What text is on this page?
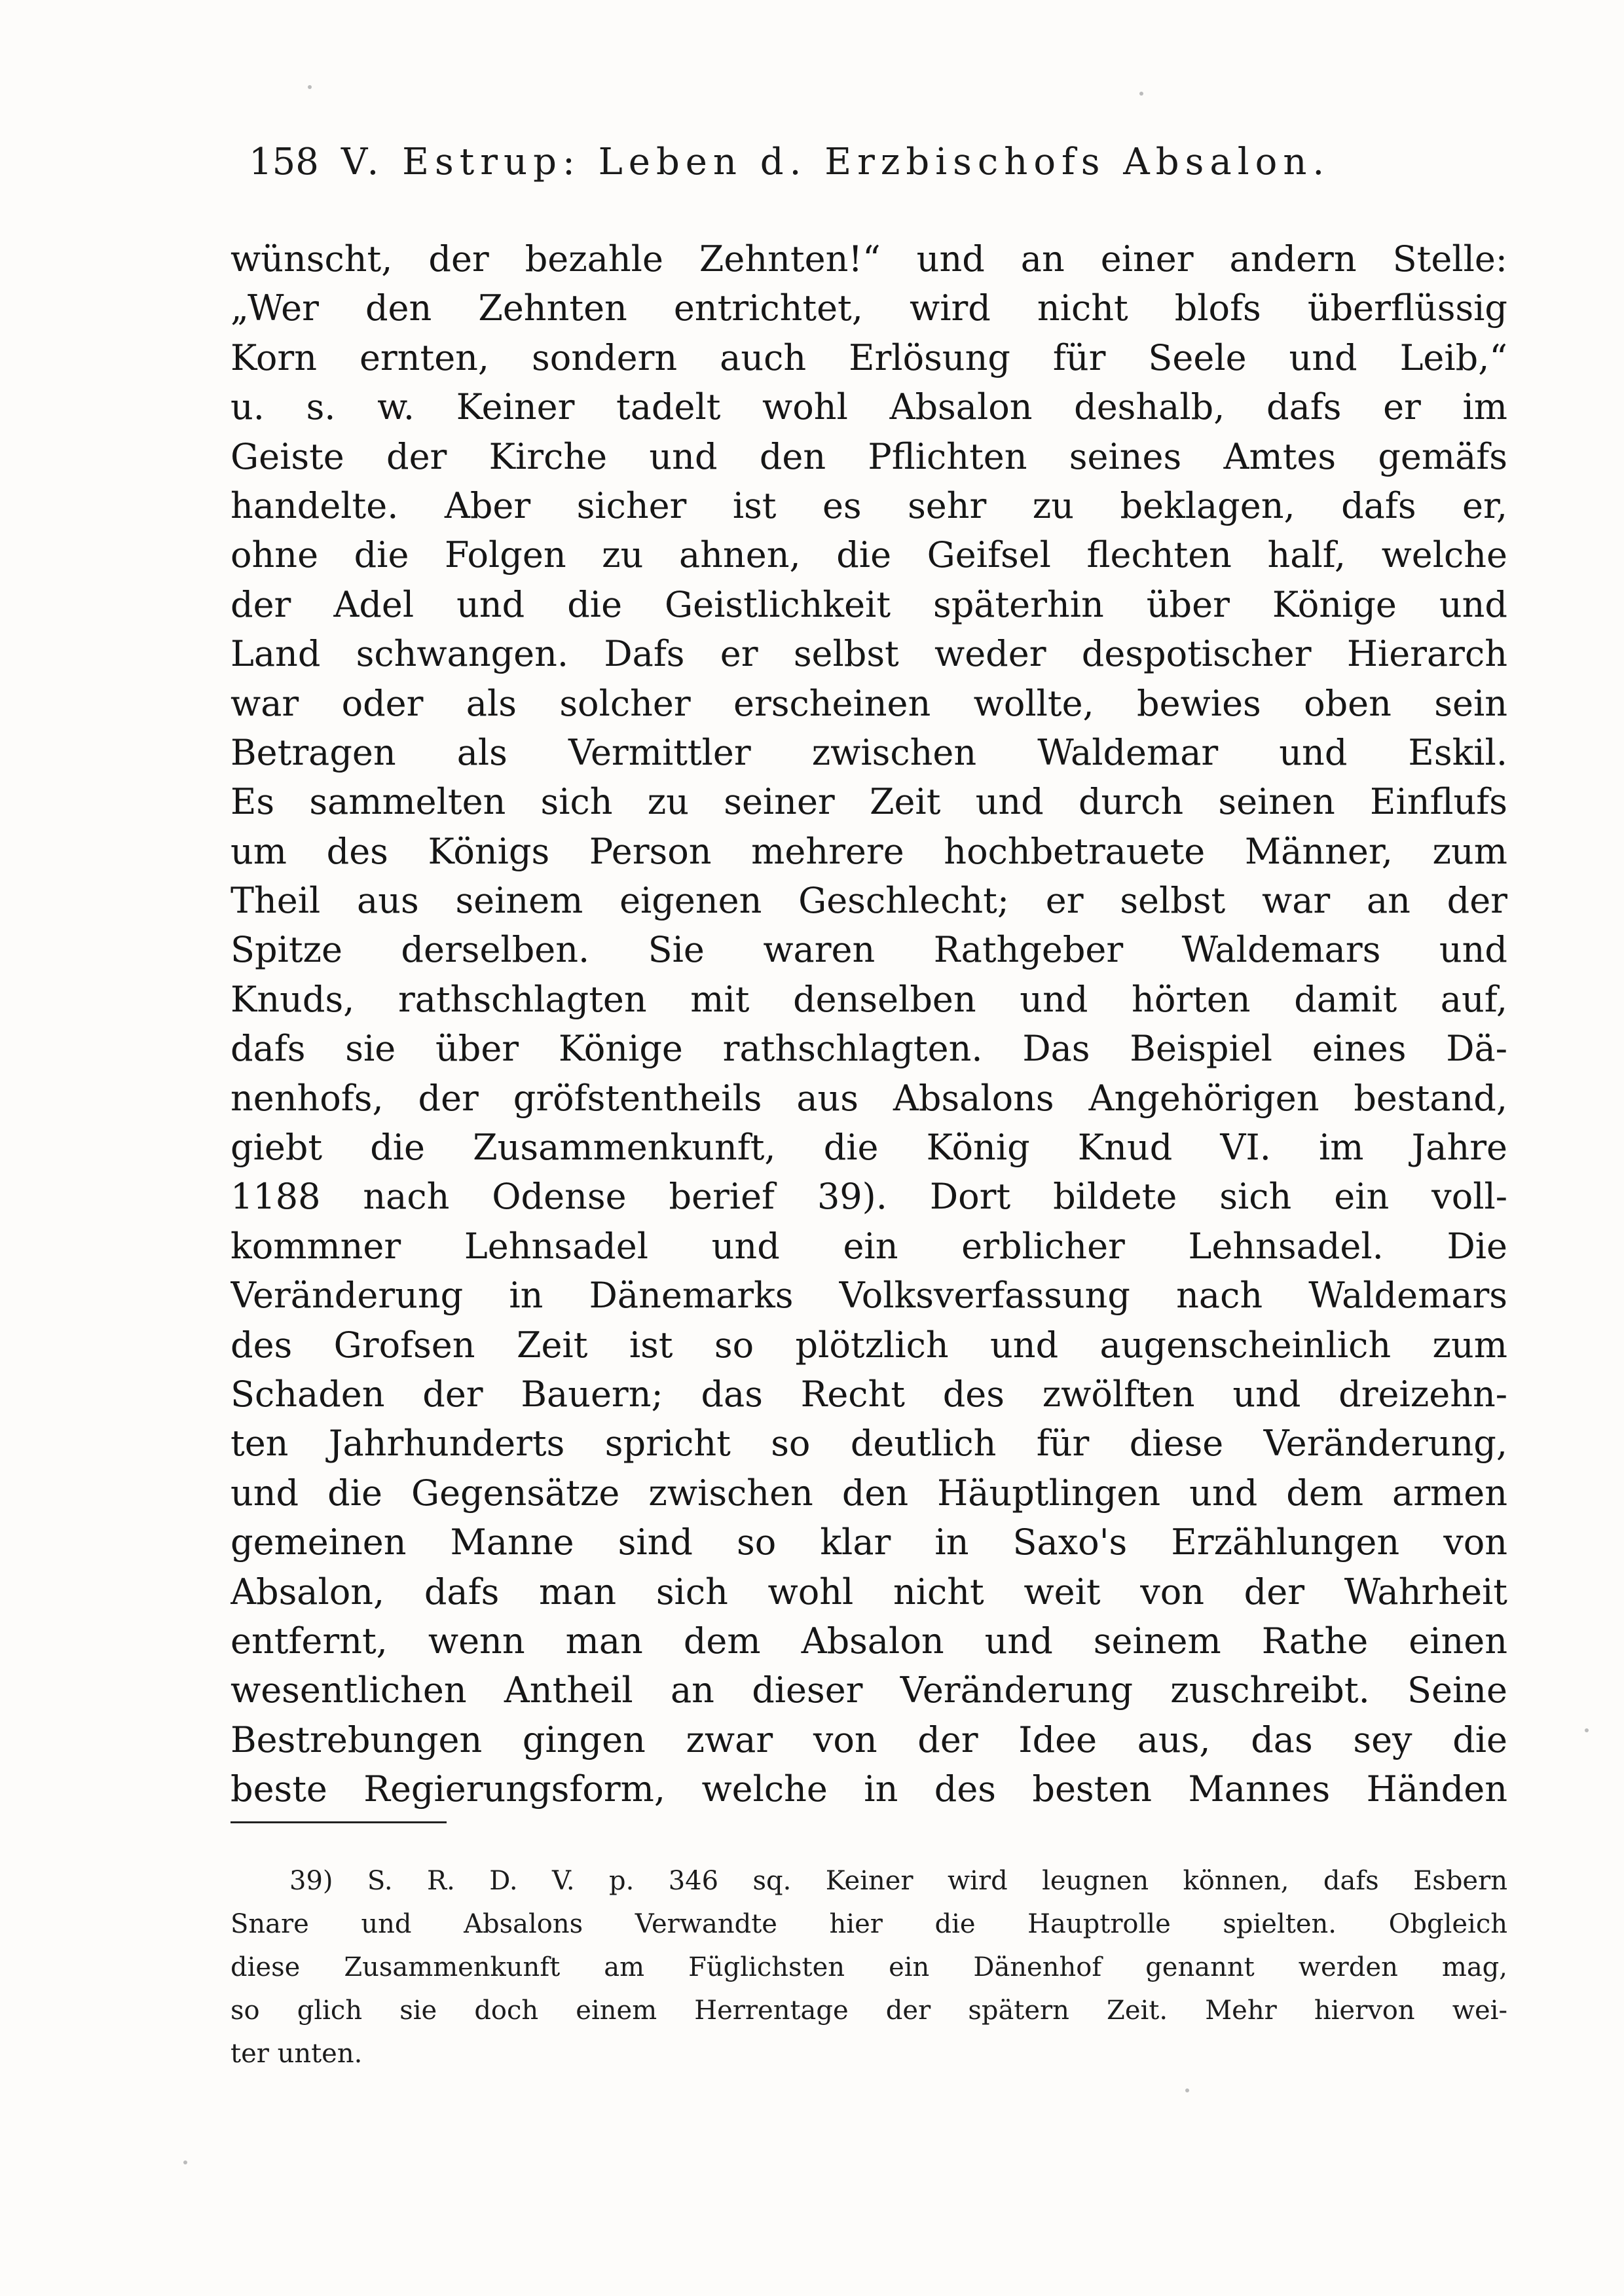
158 V. Estrup: Leben d. Erzbischofs Absalon.
wünscht, der bezahle Zehnten!“ und an einer andern Stelle:
„Wer den Zehnten entrichtet, wird nicht blofs überflüssig
Korn ernten, sondern auch Erlösung für Seele und Leib,“
u. s. w. Keiner tadelt wohl Absalon deshalb, dafs er im
Geiste der Kirche und den Pflichten seines Amtes gemäfs
handelte. Aber sicher ist es sehr zu beklagen, dafs er,
ohne die Folgen zu ahnen, die Geifsel flechten half, welche
der Adel und die Geistlichkeit späterhin über Könige und
Land schwangen. Dafs er selbst weder despotischer Hierarch
war oder als solcher erscheinen wollte, bewies oben sein
Betragen als Vermittler zwischen Waldemar und Eskil.
Es sammelten sich zu seiner Zeit und durch seinen Einflufs
um des Königs Person mehrere hochbetrauete Männer, zum
Theil aus seinem eigenen Geschlecht; er selbst war an der
Spitze derselben. Sie waren Rathgeber Waldemars und
Knuds, rathschlagten mit denselben und hörten damit auf,
dafs sie über Könige rathschlagten. Das Beispiel eines Dä-
nenhofs, der gröfstentheils aus Absalons Angehörigen bestand,
giebt die Zusammenkunft, die König Knud VI. im Jahre
1188 nach Odense berief 39). Dort bildete sich ein voll-
kommner Lehnsadel und ein erblicher Lehnsadel. Die
Veränderung in Dänemarks Volksverfassung nach Waldemars
des Grofsen Zeit ist so plötzlich und augenscheinlich zum
Schaden der Bauern; das Recht des zwölften und dreizehn-
ten Jahrhunderts spricht so deutlich für diese Veränderung,
und die Gegensätze zwischen den Häuptlingen und dem armen
gemeinen Manne sind so klar in Saxo's Erzählungen von
Absalon, dafs man sich wohl nicht weit von der Wahrheit
entfernt, wenn man dem Absalon und seinem Rathe einen
wesentlichen Antheil an dieser Veränderung zuschreibt. Seine
Bestrebungen gingen zwar von der Idee aus, das sey die
beste Regierungsform, welche in des besten Mannes Händen
39) S. R. D. V. p. 346 sq. Keiner wird leugnen können, dafs Esbern
Snare und Absalons Verwandte hier die Hauptrolle spielten. Obgleich
diese Zusammenkunft am Füglichsten ein Dänenhof genannt werden mag,
so glich sie doch einem Herrentage der spätern Zeit. Mehr hiervon wei-
ter unten.
